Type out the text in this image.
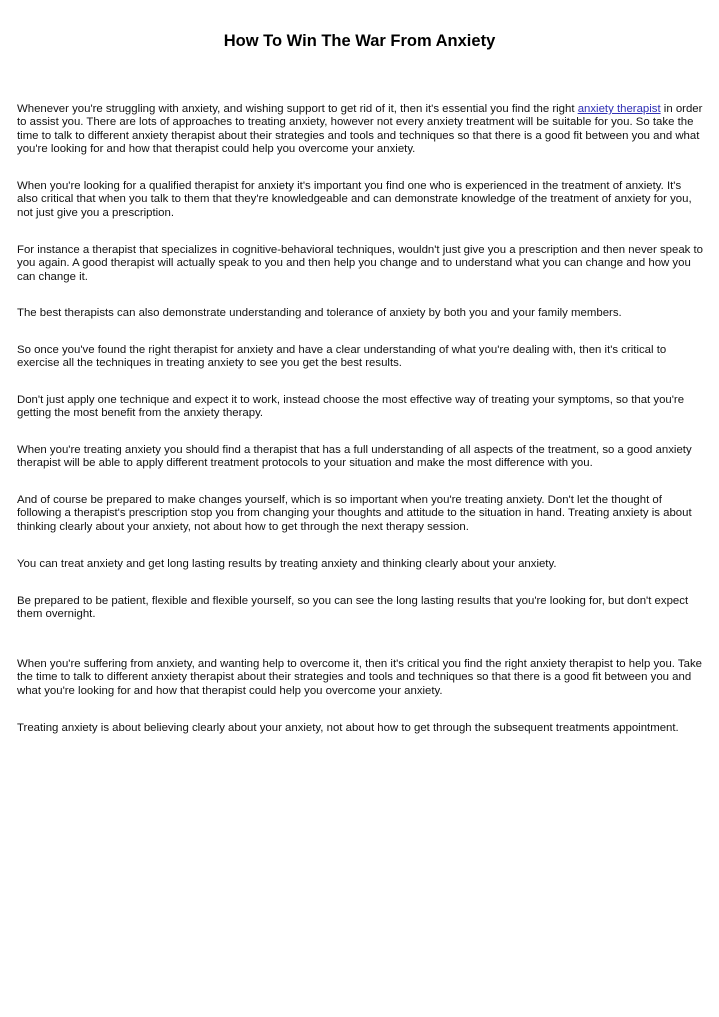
How To Win The War From Anxiety

Whenever you're struggling with anxiety, and wishing support to get rid of it, then it's essential you find the right anxiety therapist in order to assist you. There are lots of approaches to treating anxiety, however not every anxiety treatment will be suitable for you. So take the time to talk to different anxiety therapist about their strategies and tools and techniques so that there is a good fit between you and what you're looking for and how that therapist could help you overcome your anxiety.

When you're looking for a qualified therapist for anxiety it's important you find one who is experienced in the treatment of anxiety. It's also critical that when you talk to them that they're knowledgeable and can demonstrate knowledge of the treatment of anxiety for you, not just give you a prescription.

For instance a therapist that specializes in cognitive-behavioral techniques, wouldn't just give you a prescription and then never speak to you again. A good therapist will actually speak to you and then help you change and to understand what you can change and how you can change it.

The best therapists can also demonstrate understanding and tolerance of anxiety by both you and your family members.

So once you've found the right therapist for anxiety and have a clear understanding of what you're dealing with, then it's critical to exercise all the techniques in treating anxiety to see you get the best results.

Don't just apply one technique and expect it to work, instead choose the most effective way of treating your symptoms, so that you're getting the most benefit from the anxiety therapy.

When you're treating anxiety you should find a therapist that has a full understanding of all aspects of the treatment, so a good anxiety therapist will be able to apply different treatment protocols to your situation and make the most difference with you.

And of course be prepared to make changes yourself, which is so important when you're treating anxiety. Don't let the thought of following a therapist's prescription stop you from changing your thoughts and attitude to the situation in hand. Treating anxiety is about thinking clearly about your anxiety, not about how to get through the next therapy session.

You can treat anxiety and get long lasting results by treating anxiety and thinking clearly about your anxiety.

Be prepared to be patient, flexible and flexible yourself, so you can see the long lasting results that you're looking for, but don't expect them overnight.

When you're suffering from anxiety, and wanting help to overcome it, then it's critical you find the right anxiety therapist to help you. Take the time to talk to different anxiety therapist about their strategies and tools and techniques so that there is a good fit between you and what you're looking for and how that therapist could help you overcome your anxiety.

Treating anxiety is about believing clearly about your anxiety, not about how to get through the subsequent treatments appointment.
